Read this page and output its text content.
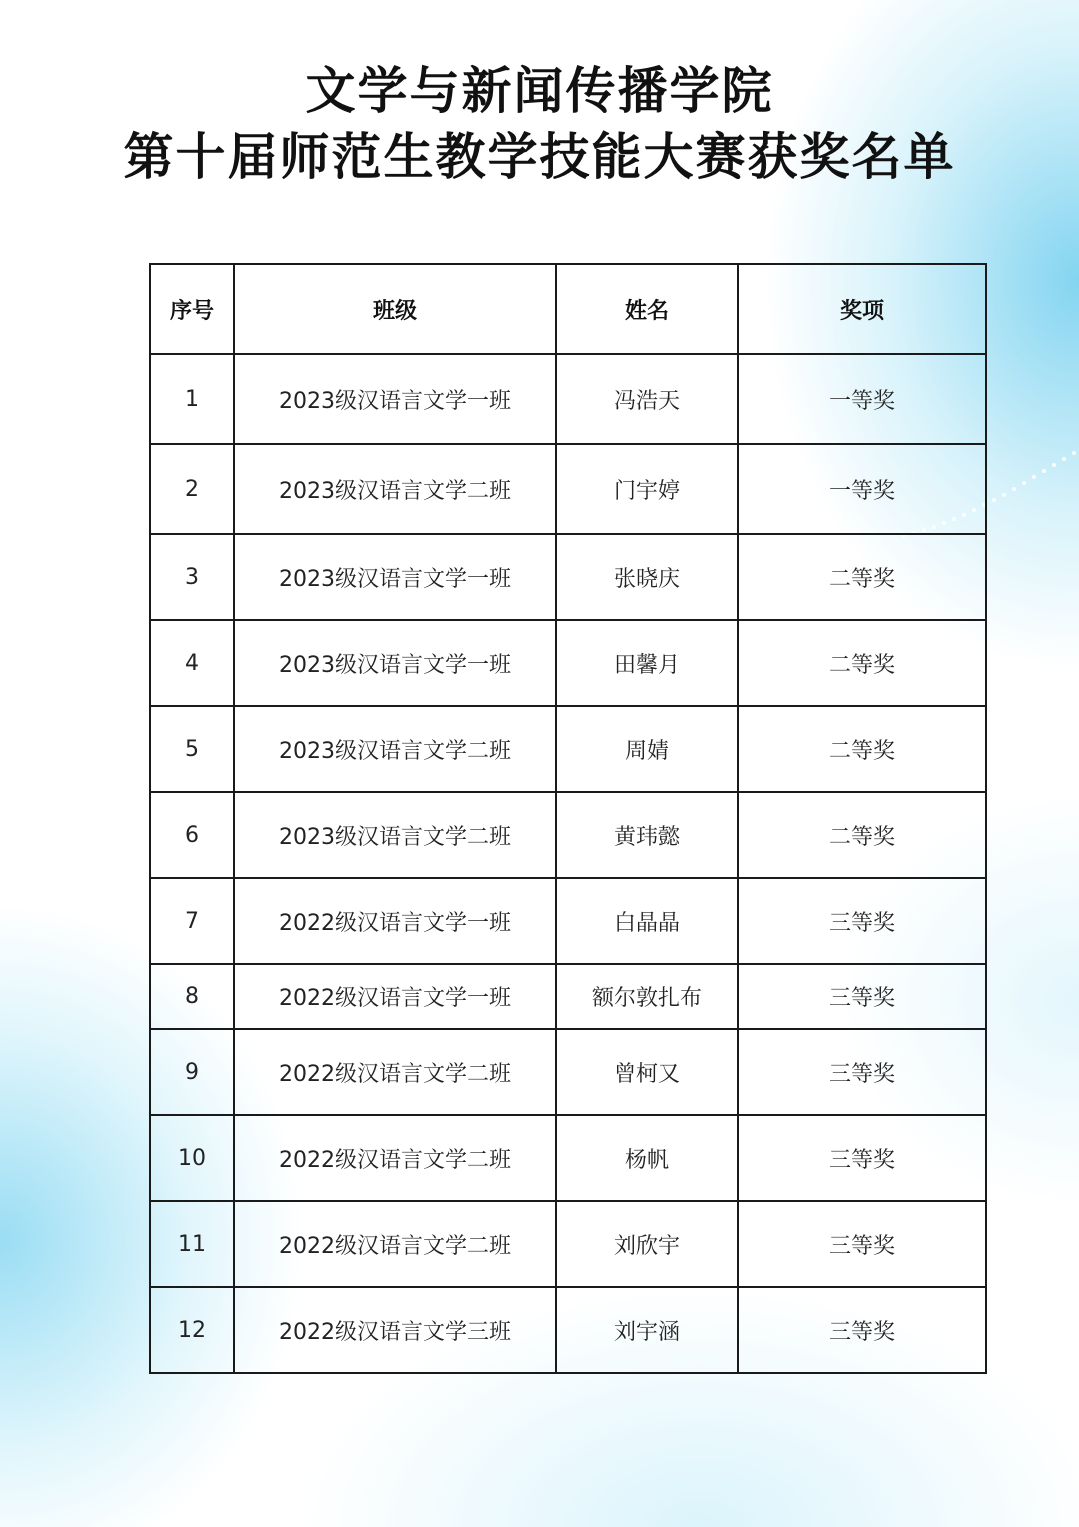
文学与新闻传播学院
第十届师范生教学技能大赛获奖名单
序号	班级	姓名	奖项
1	2023级汉语言文学一班	冯浩天	一等奖
2	2023级汉语言文学二班	门宇婷	一等奖
3	2023级汉语言文学一班	张晓庆	二等奖
4	2023级汉语言文学一班	田馨月	二等奖
5	2023级汉语言文学二班	周婧	二等奖
6	2023级汉语言文学二班	黄玮懿	二等奖
7	2022级汉语言文学一班	白晶晶	三等奖
8	2022级汉语言文学一班	额尔敦扎布	三等奖
9	2022级汉语言文学二班	曾柯又	三等奖
10	2022级汉语言文学二班	杨帆	三等奖
11	2022级汉语言文学二班	刘欣宇	三等奖
12	2022级汉语言文学三班	刘宇涵	三等奖
